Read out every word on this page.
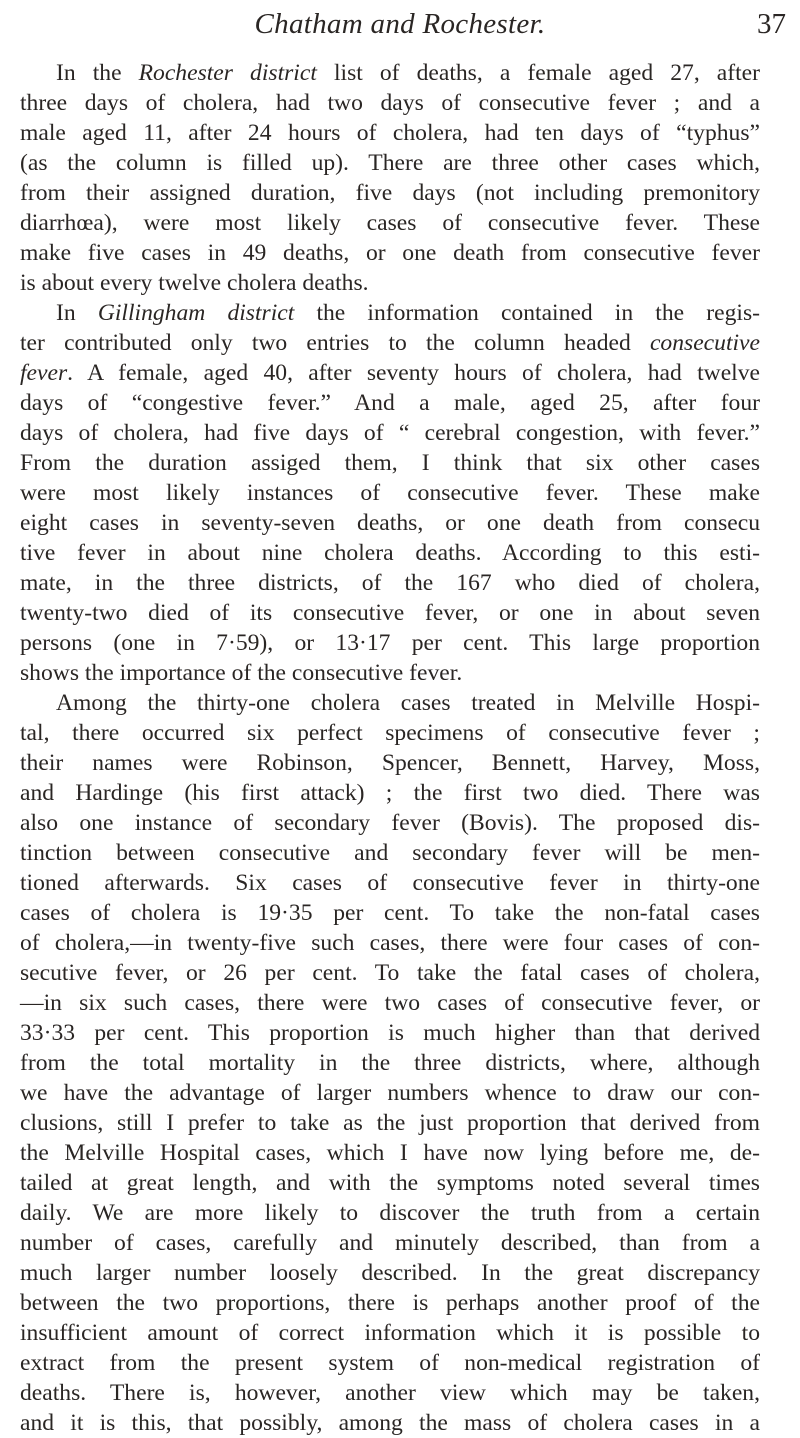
Chatham and Rochester.	37
In the Rochester district list of deaths, a female aged 27, after
three days of cholera, had two days of consecutive fever ; and a
male aged 11, after 24 hours of cholera, had ten days of “typhus”
(as the column is filled up). There are three other cases which,
from their assigned duration, five days (not including premonitory
diarrhœa), were most likely cases of consecutive fever. These
make five cases in 49 deaths, or one death from consecutive fever
is about every twelve cholera deaths.
In Gillingham district the information contained in the regis-
ter contributed only two entries to the column headed consecutive
fever. A female, aged 40, after seventy hours of cholera, had twelve
days of “congestive fever.” And a male, aged 25, after four
days of cholera, had five days of “ cerebral congestion, with fever.”
From the duration assiged them, I think that six other cases
were most likely instances of consecutive fever. These make
eight cases in seventy-seven deaths, or one death from consecu
tive fever in about nine cholera deaths. According to this esti-
mate, in the three districts, of the 167 who died of cholera,
twenty-two died of its consecutive fever, or one in about seven
persons (one in 7·59), or 13·17 per cent. This large proportion
shows the importance of the consecutive fever.
Among the thirty-one cholera cases treated in Melville Hospi-
tal, there occurred six perfect specimens of consecutive fever ;
their names were Robinson, Spencer, Bennett, Harvey, Moss,
and Hardinge (his first attack) ; the first two died. There was
also one instance of secondary fever (Bovis). The proposed dis-
tinction between consecutive and secondary fever will be men-
tioned afterwards. Six cases of consecutive fever in thirty-one
cases of cholera is 19·35 per cent. To take the non-fatal cases
of cholera,—in twenty-five such cases, there were four cases of con-
secutive fever, or 26 per cent. To take the fatal cases of cholera,
—in six such cases, there were two cases of consecutive fever, or
33·33 per cent. This proportion is much higher than that derived
from the total mortality in the three districts, where, although
we have the advantage of larger numbers whence to draw our con-
clusions, still I prefer to take as the just proportion that derived from
the Melville Hospital cases, which I have now lying before me, de-
tailed at great length, and with the symptoms noted several times
daily. We are more likely to discover the truth from a certain
number of cases, carefully and minutely described, than from a
much larger number loosely described. In the great discrepancy
between the two proportions, there is perhaps another proof of the
insufficient amount of correct information which it is possible to
extract from the present system of non-medical registration of
deaths. There is, however, another view which may be taken,
and it is this, that possibly, among the mass of cholera cases in a
